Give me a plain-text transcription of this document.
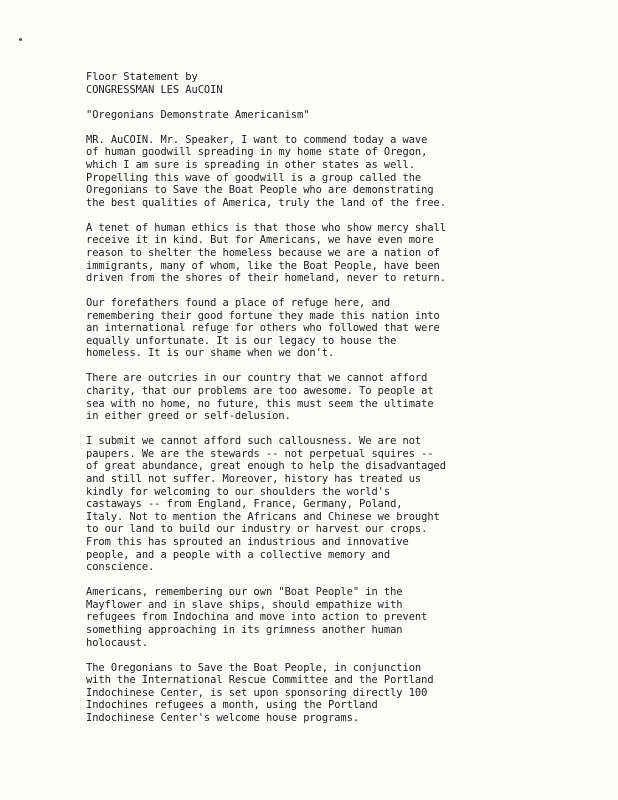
Floor Statement by
CONGRESSMAN LES AuCOIN
"Oregonians Demonstrate Americanism"
MR. AuCOIN. Mr. Speaker, I want to commend today a wave
of human goodwill spreading in my home state of Oregon,
which I am sure is spreading in other states as well.
Propelling this wave of goodwill is a group called the
Oregonians to Save the Boat People who are demonstrating
the best qualities of America, truly the land of the free.
A tenet of human ethics is that those who show mercy shall
receive it in kind. But for Americans, we have even more
reason to shelter the homeless because we are a nation of
immigrants, many of whom, like the Boat People, have been
driven from the shores of their homeland, never to return.
Our forefathers found a place of refuge here, and
remembering their good fortune they made this nation into
an international refuge for others who followed that were
equally unfortunate. It is our legacy to house the
homeless. It is our shame when we don't.
There are outcries in our country that we cannot afford
charity, that our problems are too awesome. To people at
sea with no home, no future, this must seem the ultimate
in either greed or self-delusion.
I submit we cannot afford such callousness. We are not
paupers. We are the stewards -- not perpetual squires --
of great abundance, great enough to help the disadvantaged
and still not suffer. Moreover, history has treated us
kindly for welcoming to our shoulders the world's
castaways -- from England, France, Germany, Poland,
Italy. Not to mention the Africans and Chinese we brought
to our land to build our industry or harvest our crops.
From this has sprouted an industrious and innovative
people, and a people with a collective memory and
conscience.
Americans, remembering our own "Boat People" in the
Mayflower and in slave ships, should empathize with
refugees from Indochina and move into action to prevent
something approaching in its grimness another human
holocaust.
The Oregonians to Save the Boat People, in conjunction
with the International Rescue Committee and the Portland
Indochinese Center, is set upon sponsoring directly 100
Indochines refugees a month, using the Portland
Indochinese Center's welcome house programs.
